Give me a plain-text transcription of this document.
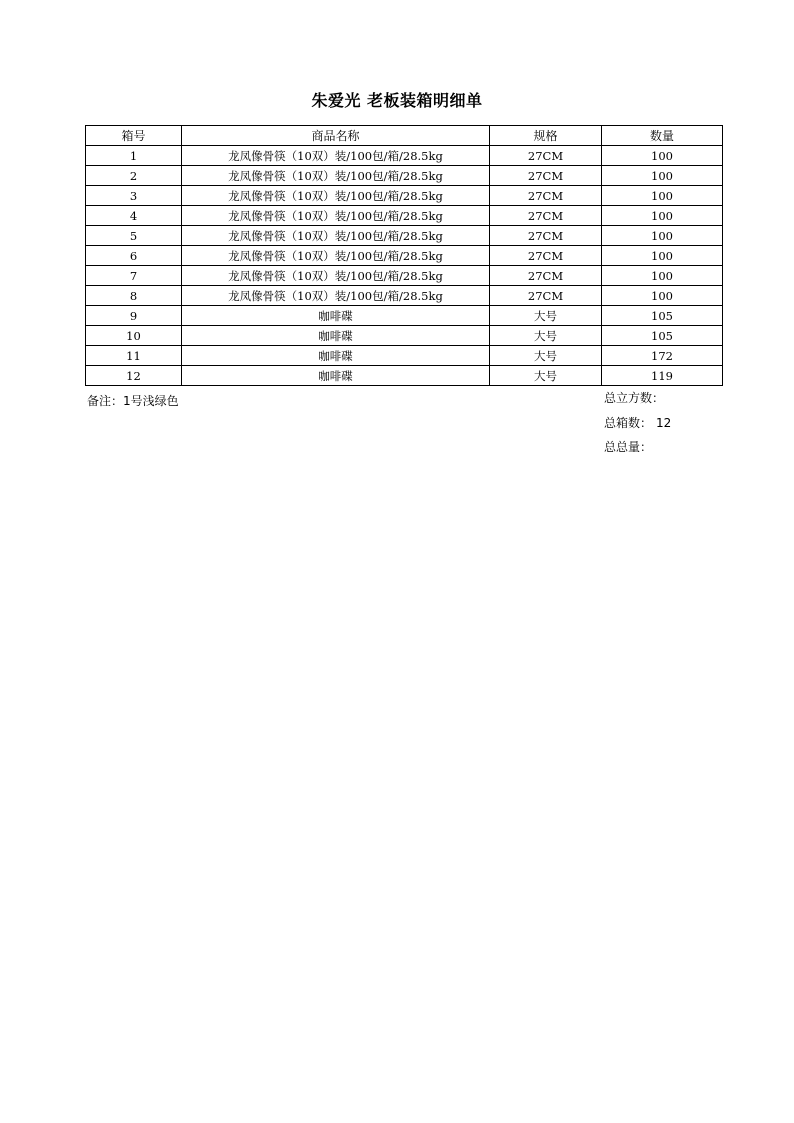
朱爱光 老板装箱明细单
箱号	商品名称	规格	数量
1	龙凤像骨筷（10双）装/100包/箱/28.5kg	27CM	100
2	龙凤像骨筷（10双）装/100包/箱/28.5kg	27CM	100
3	龙凤像骨筷（10双）装/100包/箱/28.5kg	27CM	100
4	龙凤像骨筷（10双）装/100包/箱/28.5kg	27CM	100
5	龙凤像骨筷（10双）装/100包/箱/28.5kg	27CM	100
6	龙凤像骨筷（10双）装/100包/箱/28.5kg	27CM	100
7	龙凤像骨筷（10双）装/100包/箱/28.5kg	27CM	100
8	龙凤像骨筷（10双）装/100包/箱/28.5kg	27CM	100
9	咖啡碟	大号	105
10	咖啡碟	大号	105
11	咖啡碟	大号	172
12	咖啡碟	大号	119
备注：1号浅绿色	总立方数：
总箱数： 12
总总量：
